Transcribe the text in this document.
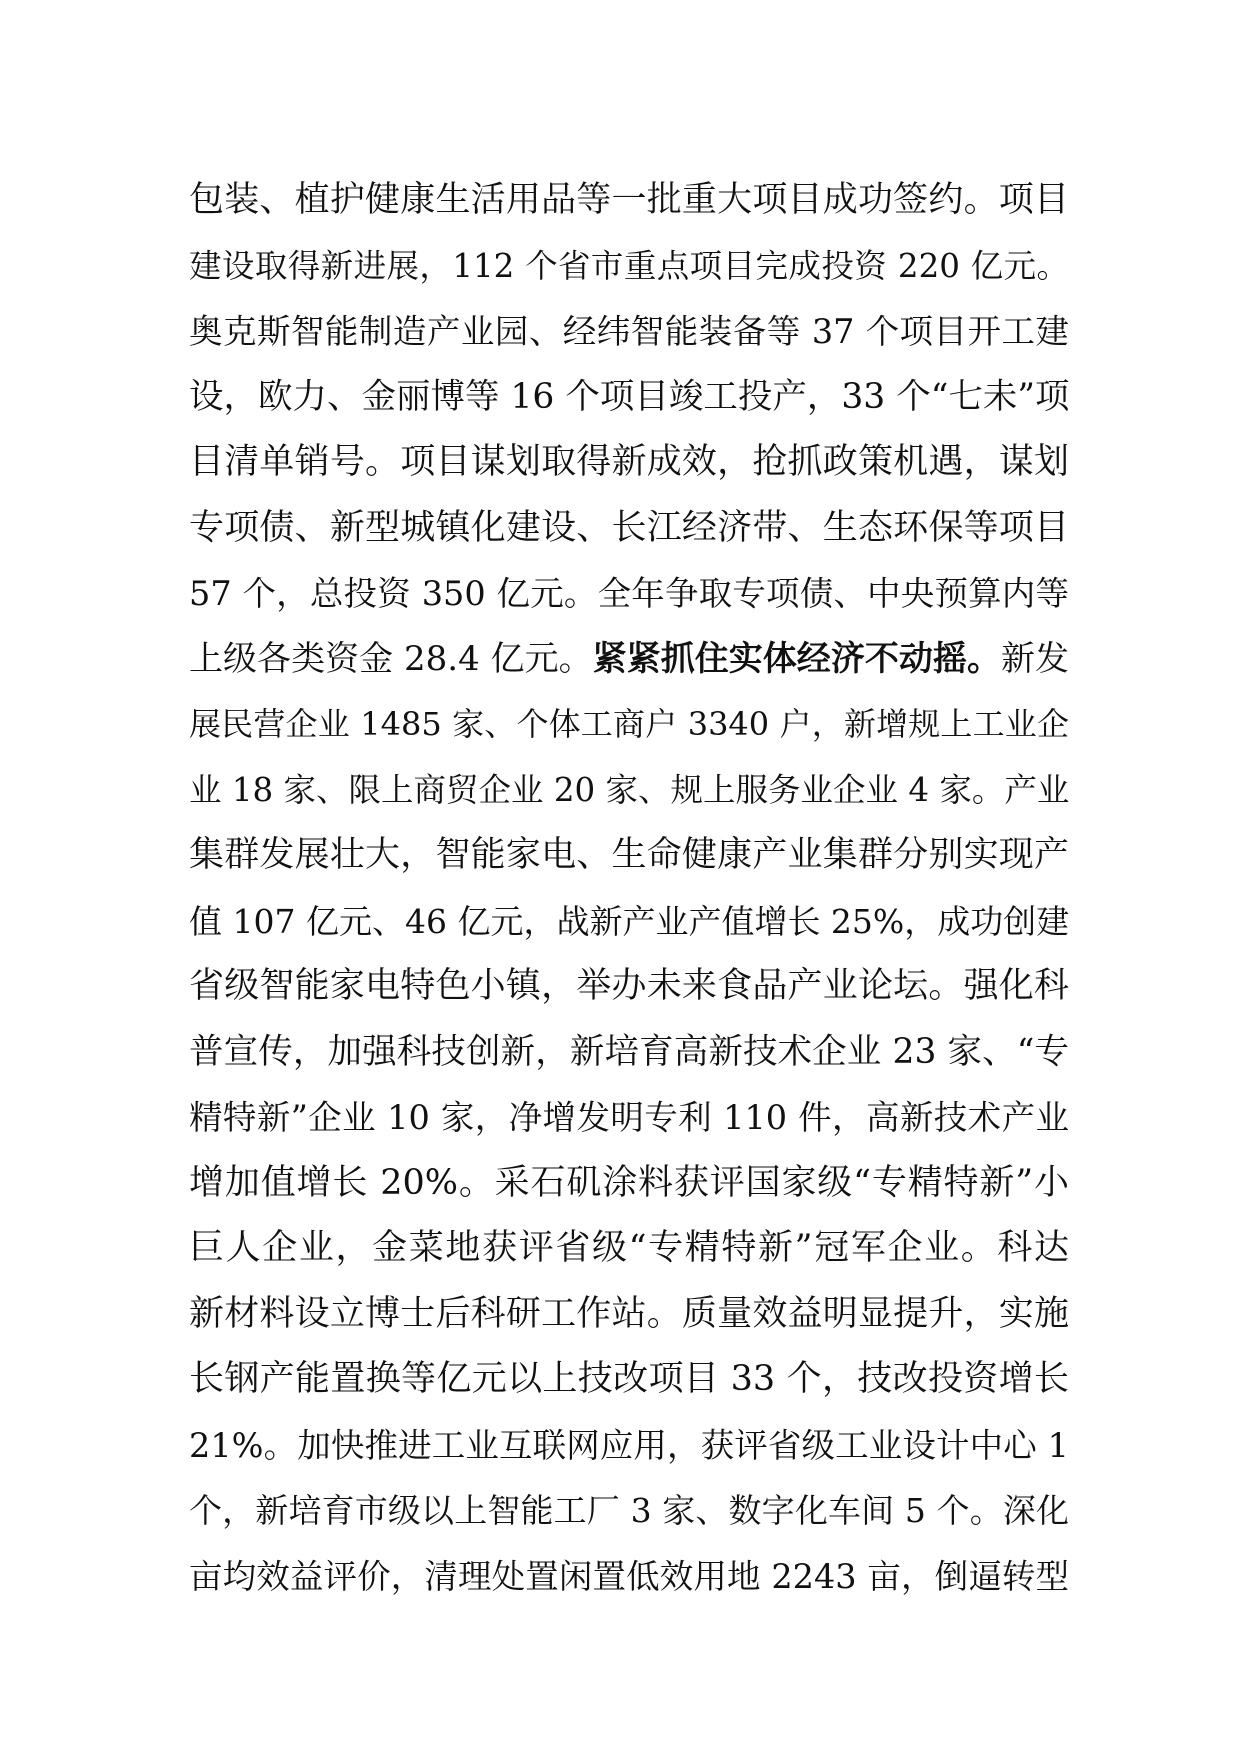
包装、植护健康生活用品等一批重大项目成功签约。项目
建设取得新进展，112 个省市重点项目完成投资 220 亿元。
奥克斯智能制造产业园、经纬智能装备等 37 个项目开工建
设，欧力、金丽博等 16 个项目竣工投产，33 个“七未”项
目清单销号。项目谋划取得新成效，抢抓政策机遇，谋划
专项债、新型城镇化建设、长江经济带、生态环保等项目
57 个，总投资 350 亿元。全年争取专项债、中央预算内等
上级各类资金 28.4 亿元。紧紧抓住实体经济不动摇。新发
展民营企业 1485 家、个体工商户 3340 户，新增规上工业企
业 18 家、限上商贸企业 20 家、规上服务业企业 4 家。产业
集群发展壮大，智能家电、生命健康产业集群分别实现产
值 107 亿元、46 亿元，战新产业产值增长 25%，成功创建
省级智能家电特色小镇，举办未来食品产业论坛。强化科
普宣传，加强科技创新，新培育高新技术企业 23 家、“专
精特新”企业 10 家，净增发明专利 110 件，高新技术产业
增加值增长 20%。采石矶涂料获评国家级“专精特新”小
巨人企业，金菜地获评省级“专精特新”冠军企业。科达
新材料设立博士后科研工作站。质量效益明显提升，实施
长钢产能置换等亿元以上技改项目 33 个，技改投资增长
21%。加快推进工业互联网应用，获评省级工业设计中心 1
个，新培育市级以上智能工厂 3 家、数字化车间 5 个。深化
亩均效益评价，清理处置闲置低效用地 2243 亩，倒逼转型
